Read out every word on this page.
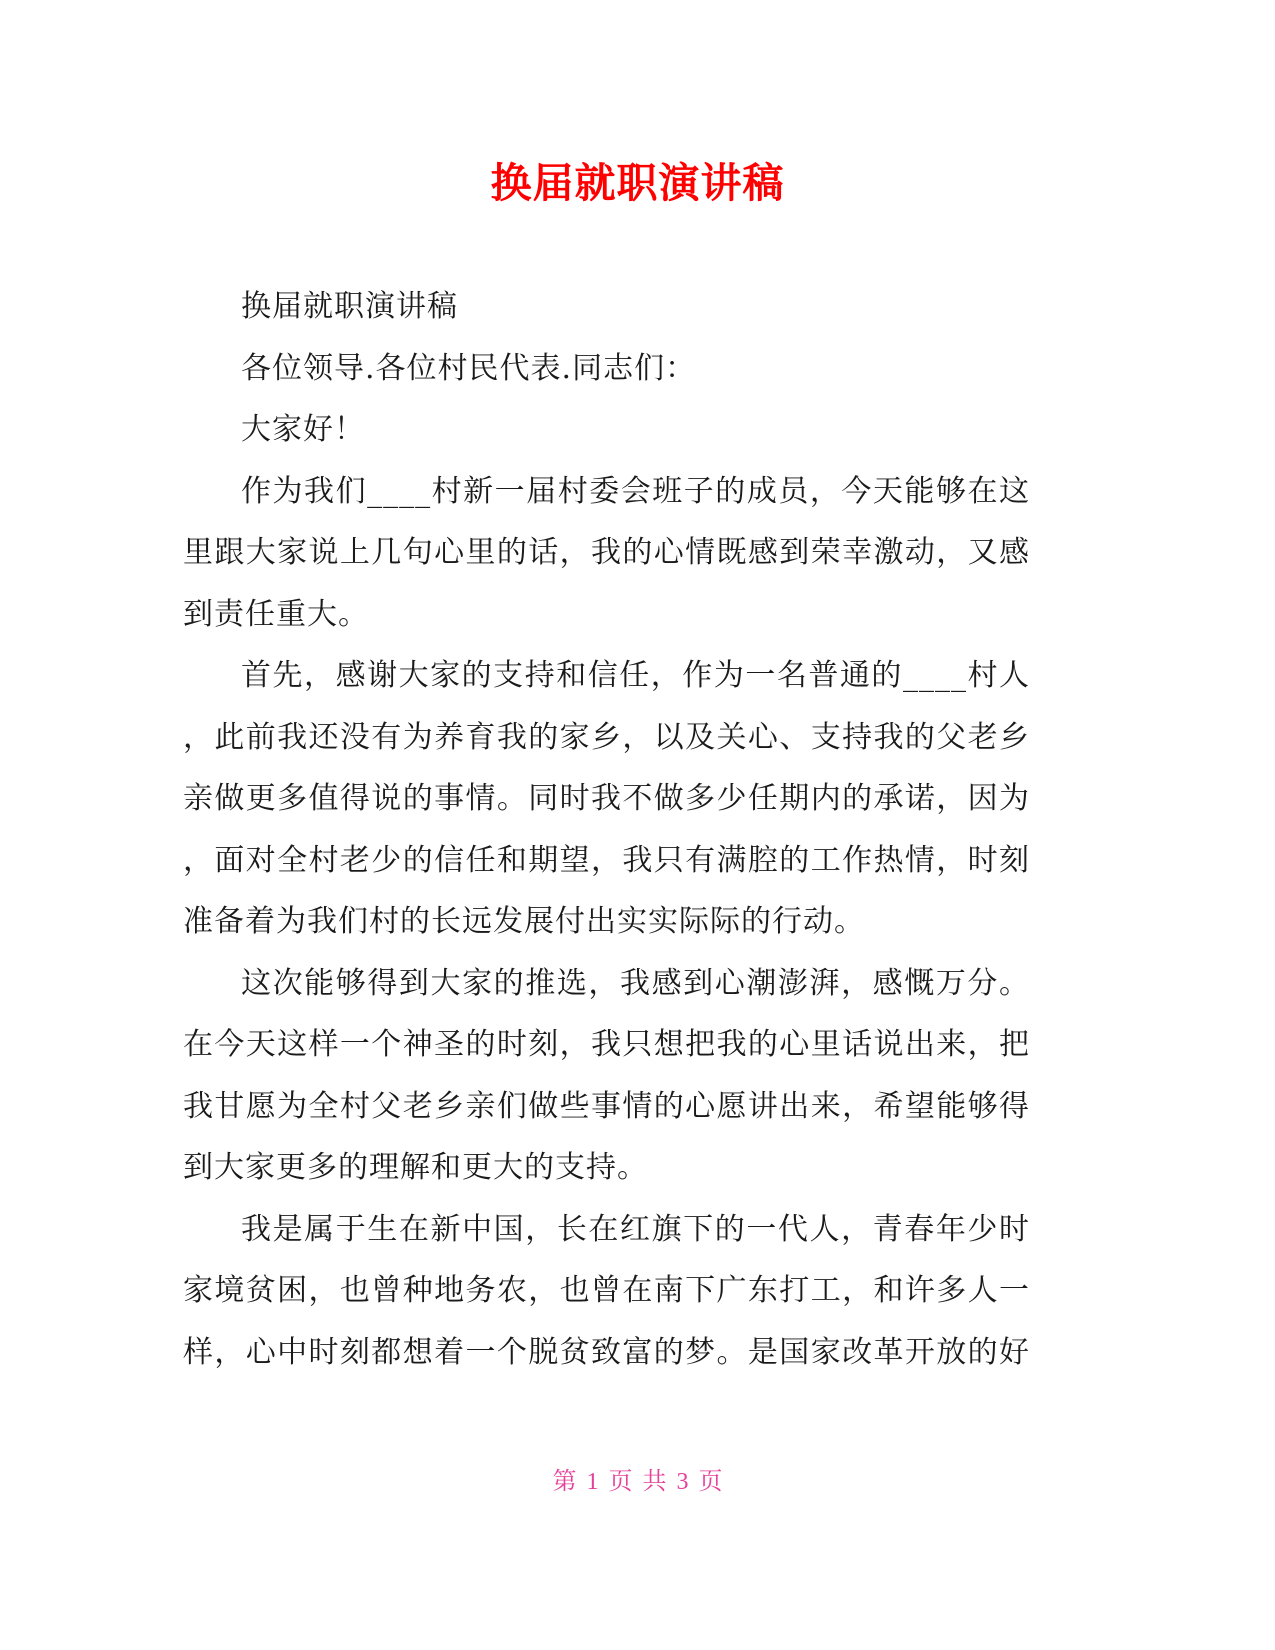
换届就职演讲稿
换届就职演讲稿
各位领导.各位村民代表.同志们：
大家好！
作为我们____村新一届村委会班子的成员，今天能够在这
里跟大家说上几句心里的话，我的心情既感到荣幸激动，又感
到责任重大。
首先，感谢大家的支持和信任，作为一名普通的____村人
，此前我还没有为养育我的家乡，以及关心、支持我的父老乡
亲做更多值得说的事情。同时我不做多少任期内的承诺，因为
，面对全村老少的信任和期望，我只有满腔的工作热情，时刻
准备着为我们村的长远发展付出实实际际的行动。
这次能够得到大家的推选，我感到心潮澎湃，感慨万分。
在今天这样一个神圣的时刻，我只想把我的心里话说出来，把
我甘愿为全村父老乡亲们做些事情的心愿讲出来，希望能够得
到大家更多的理解和更大的支持。
我是属于生在新中国，长在红旗下的一代人，青春年少时
家境贫困，也曾种地务农，也曾在南下广东打工，和许多人一
样，心中时刻都想着一个脱贫致富的梦。是国家改革开放的好
第 1 页 共 3 页
